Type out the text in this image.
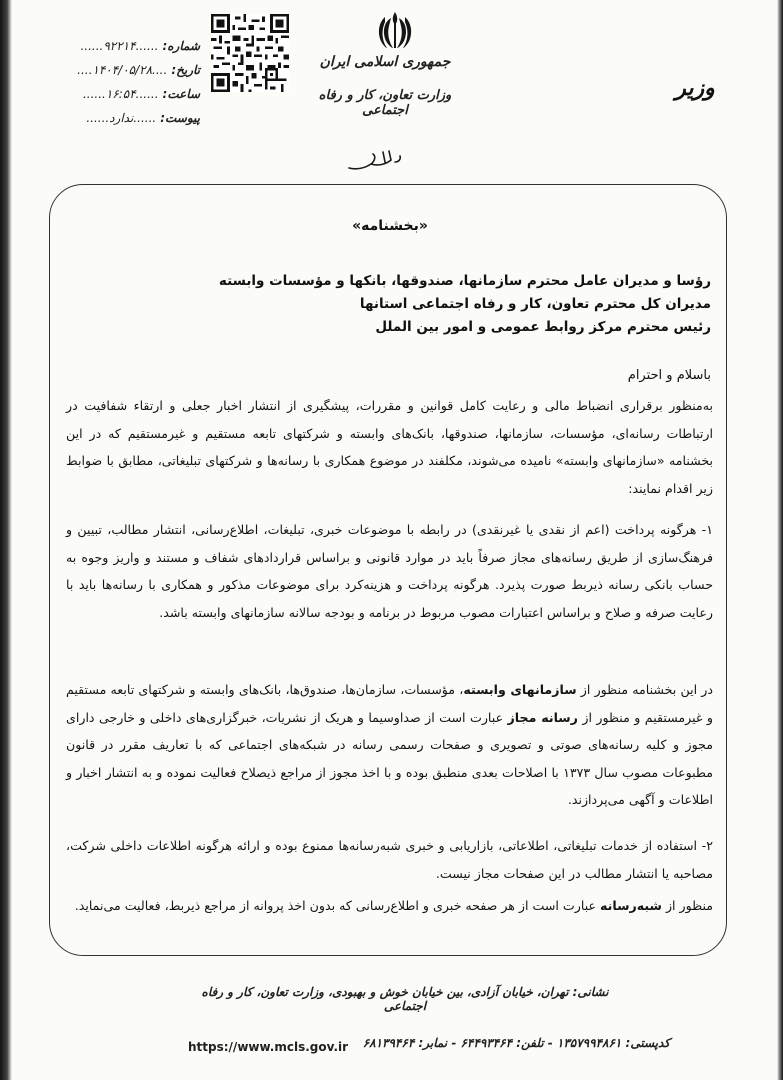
شماره:
......۹۲۲۱۴......
تاریخ:
....۱۴۰۴/۰۵/۲۸....
ساعت:
......۱۶:۵۴......
پیوست:
......ندارد......
جمهوری اسلامی ایران
وزارت تعاون، کار و رفاه اجتماعی
وزیر
«بخشنامه»
رؤسا و مدیران عامل محترم سازمانها، صندوقها، بانکها و مؤسسات وابسته
مدیران کل محترم تعاون، کار و رفاه اجتماعی استانها
رئیس محترم مرکز روابط عمومی و امور بین الملل
باسلام و احترام
به‌منظور برقراری انضباط مالی و رعایت کامل قوانین و مقررات، پیشگیری از انتشار اخبار جعلی و ارتقاء شفافیت در ارتباطات رسانه‌ای، مؤسسات، سازمانها، صندوقها، بانک‌های وابسته و شرکتهای تابعه مستقیم و غیرمستقیم که در این بخشنامه «سازمانهای وابسته» نامیده می‌شوند، مکلفند در موضوع همکاری با رسانه‌ها و شرکتهای تبلیغاتی، مطابق با ضوابط زیر اقدام نمایند:
۱- هرگونه پرداخت (اعم از نقدی یا غیرنقدی) در رابطه با موضوعات خبری، تبلیغات، اطلاع‌رسانی، انتشار مطالب، تبیین و فرهنگ‌سازی از طریق رسانه‌های مجاز صرفاً باید در موارد قانونی و براساس قراردادهای شفاف و مستند و واریز وجوه به حساب بانکی رسانه ذیربط صورت پذیرد. هرگونه پرداخت و هزینه‌کرد برای موضوعات مذکور و همکاری با رسانه‌ها باید با رعایت صرفه و صلاح و براساس اعتبارات مصوب مربوط در برنامه و بودجه سالانه سازمانهای وابسته باشد.
در این بخشنامه منظور از سازمانهای وابسته، مؤسسات، سازمان‌ها، صندوق‌ها، بانک‌های وابسته و شرکتهای تابعه مستقیم و غیرمستقیم و منظور از رسانه مجاز عبارت است از صداوسیما و هریک از نشریات، خبرگزاری‌های داخلی و خارجی دارای مجوز و کلیه رسانه‌های صوتی و تصویری و صفحات رسمی رسانه در شبکه‌های اجتماعی که با تعاریف مقرر در قانون مطبوعات مصوب سال ۱۳۷۳ با اصلاحات بعدی منطبق بوده و با اخذ مجوز از مراجع ذیصلاح فعالیت نموده و به انتشار اخبار و اطلاعات و آگهی می‌پردازند.
۲- استفاده از خدمات تبلیغاتی، اطلاعاتی، بازاریابی و خبری شبه‌رسانه‌ها ممنوع بوده و ارائه هرگونه اطلاعات داخلی شرکت، مصاحبه یا انتشار مطالب در این صفحات مجاز نیست.
منظور از شبه‌رسانه عبارت است از هر صفحه خبری و اطلاع‌رسانی که بدون اخذ پروانه از مراجع ذیربط، فعالیت می‌نماید.
نشانی: تهران، خیابان آزادی، بین خیابان خوش و بهبودی، وزارت تعاون، کار و رفاه اجتماعی
کدپستی: ۱۳۵۷۹۹۴۸۶۱ - تلفن: ۶۴۴۹۳۴۶۴ - نمابر: ۶۸۱۳۹۴۶۴
https://www.mcls.gov.ir
